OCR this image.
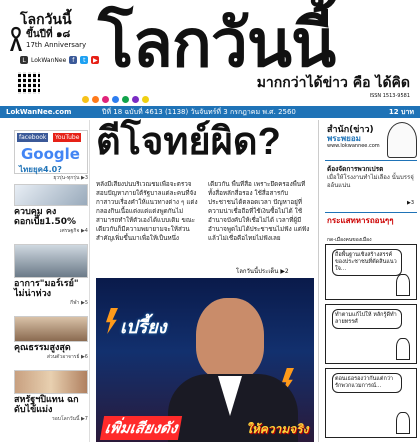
โลกวันนี้
ขึ้นปีที่ ๑๘
17th Anniversary
L LokWanNee f	t	▶ โลกวันนี้
มากกว่าได้ข่าว คือ ได้คิด
ISSN 1513-9581
LokWanNee.com	ปีที่ 18 ฉบับที่ 4613 (1138) วันจันทร์ที่ 3 กรกฎาคม พ.ศ. 2560	12 บาท
facebook	YouTube
Google
ไทยยุค4.0?
ยุวรุ่น-ทุกรุ่น ▶3
ควบคุม คงดอกเบี้ย1.50%
เศรษฐกิจ ▶4
อาการ"มอร์เรย์" ไม่น่าห่วง
กีฬา ▶5
คุณธรรมสูงสุด
ส่วนตัวอาจารย์ ▶6
สหรัฐฯปิแทน ฉกดับไข้แม่ง
รอบโลกวันนี้ ▶7
ตีโจทย์ผิด?
หลังมีเสียงบ่นบริเวณชมเพื่อจะตรวจสอบปัญหาภายใต้รัฐบาลแต่ละคนที่จังกาสาวบเรื่องคำให้แนวทางต่าง ๆ แต่งกลองกินเนื้อแต่งแต่แต่งพูดกันไม่สามารถทำให้ตัวเองได้แบบเดิม ขณะเดียวกันก็มีความพยายามจะให้ส่วนสำคัญเพิ่มขึ้นมาเพื่อให้เป็นหนึ่งเดียวกัน พื้นที่สื่อ เพราะยึดครองพื้นที่ทั้งสื่อหลักสื่อรอง ใช้สื่อสารกับประชาชนได้ตลอดเวลา ปัญหาอยู่ที่ความน่าเชื่อถือที่ใช้เงินซื้อไม่ได้ ใช้อำนาจบังคับให้เชื่อไม่ได้ เวลาที่ผู้มีอำนาจพูดไม่ได้ประชาชนไม่ฟัง แต่ฟังแล้วไม่เชื่อคือไทยไม่ฟังเลย
โลกวันนี้ประเด็น ▶2
เปรี้ยง
เพิ่มเสียงดัง	ให้ความจริง
สำนัก(ข่าว)
พระพยอม
www.lokwannee.com
ต้องจัดการพวกเปรต
เมื่อให้โรงงานทำไม่เลือง นั้นบรรจุ่ออ้นแน่น
▶3
กระแสทหารถอนๆๆ
กด-เมืองคนของเมือง
ถือพื้นฐานเชิงสร้างสรรค์ของประชาชนที่ตัดสินแนวใจ...
ทำตามแก้ไปให้ หลักรู้ดีทำลายทรรศ์
ตอนเธอรองว่ากันแต่กว่ารักพวกแวมการณ์...
